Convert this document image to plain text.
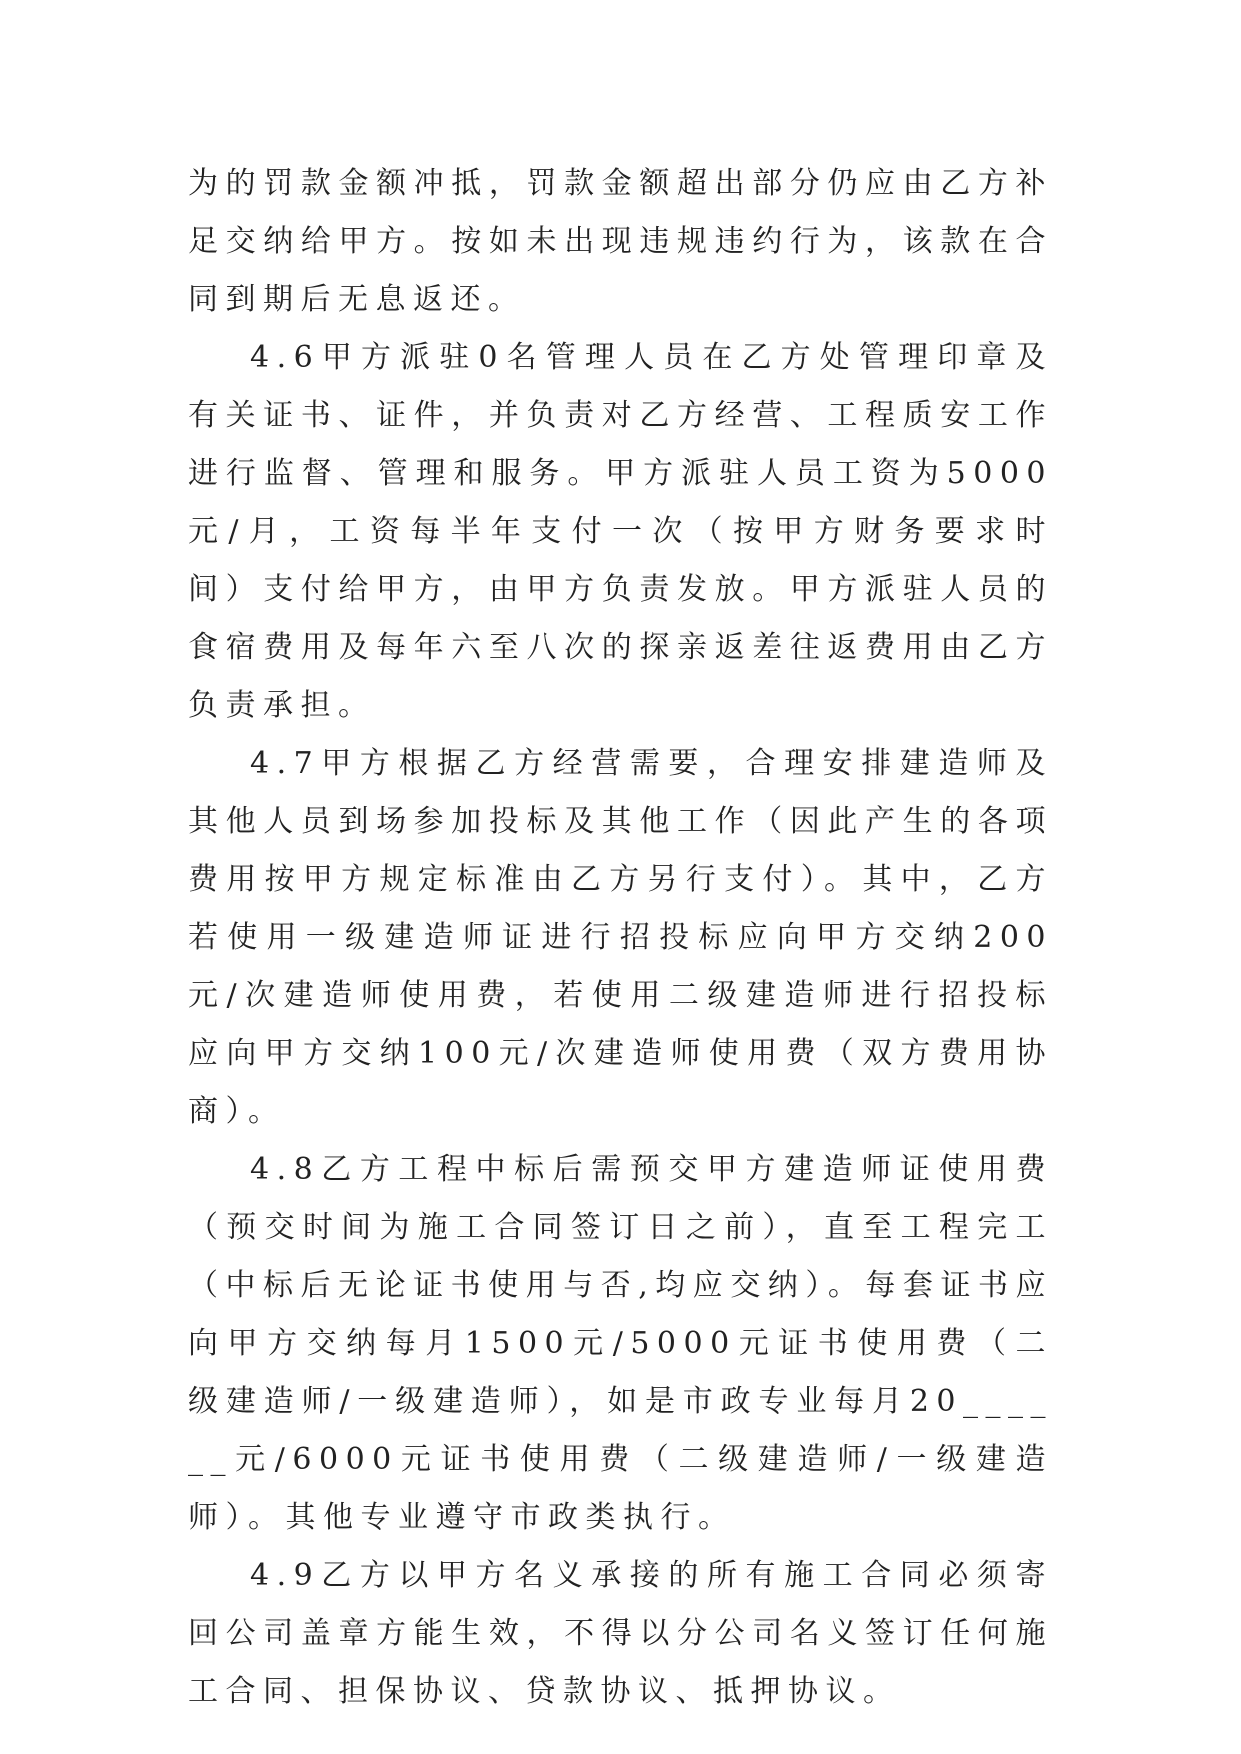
为的罚款金额冲抵，罚款金额超出部分仍应由乙方补足交纳给甲方。按如未出现违规违约行为，该款在合同到期后无息返还。

4.6甲方派驻0名管理人员在乙方处管理印章及有关证书、证件，并负责对乙方经营、工程质安工作进行监督、管理和服务。甲方派驻人员工资为5000元/月，工资每半年支付一次（按甲方财务要求时间）支付给甲方，由甲方负责发放。甲方派驻人员的食宿费用及每年六至八次的探亲返差往返费用由乙方负责承担。

4.7甲方根据乙方经营需要，合理安排建造师及其他人员到场参加投标及其他工作（因此产生的各项费用按甲方规定标准由乙方另行支付）。其中，乙方若使用一级建造师证进行招投标应向甲方交纳200元/次建造师使用费，若使用二级建造师进行招投标应向甲方交纳100元/次建造师使用费（双方费用协商）。

4.8乙方工程中标后需预交甲方建造师证使用费（预交时间为施工合同签订日之前），直至工程完工（中标后无论证书使用与否,均应交纳）。每套证书应向甲方交纳每月1500元/5000元证书使用费（二级建造师/一级建造师），如是市政专业每月20______元/6000元证书使用费（二级建造师/一级建造师）。其他专业遵守市政类执行。

4.9乙方以甲方名义承接的所有施工合同必须寄回公司盖章方能生效，不得以分公司名义签订任何施工合同、担保协议、贷款协议、抵押协议。
